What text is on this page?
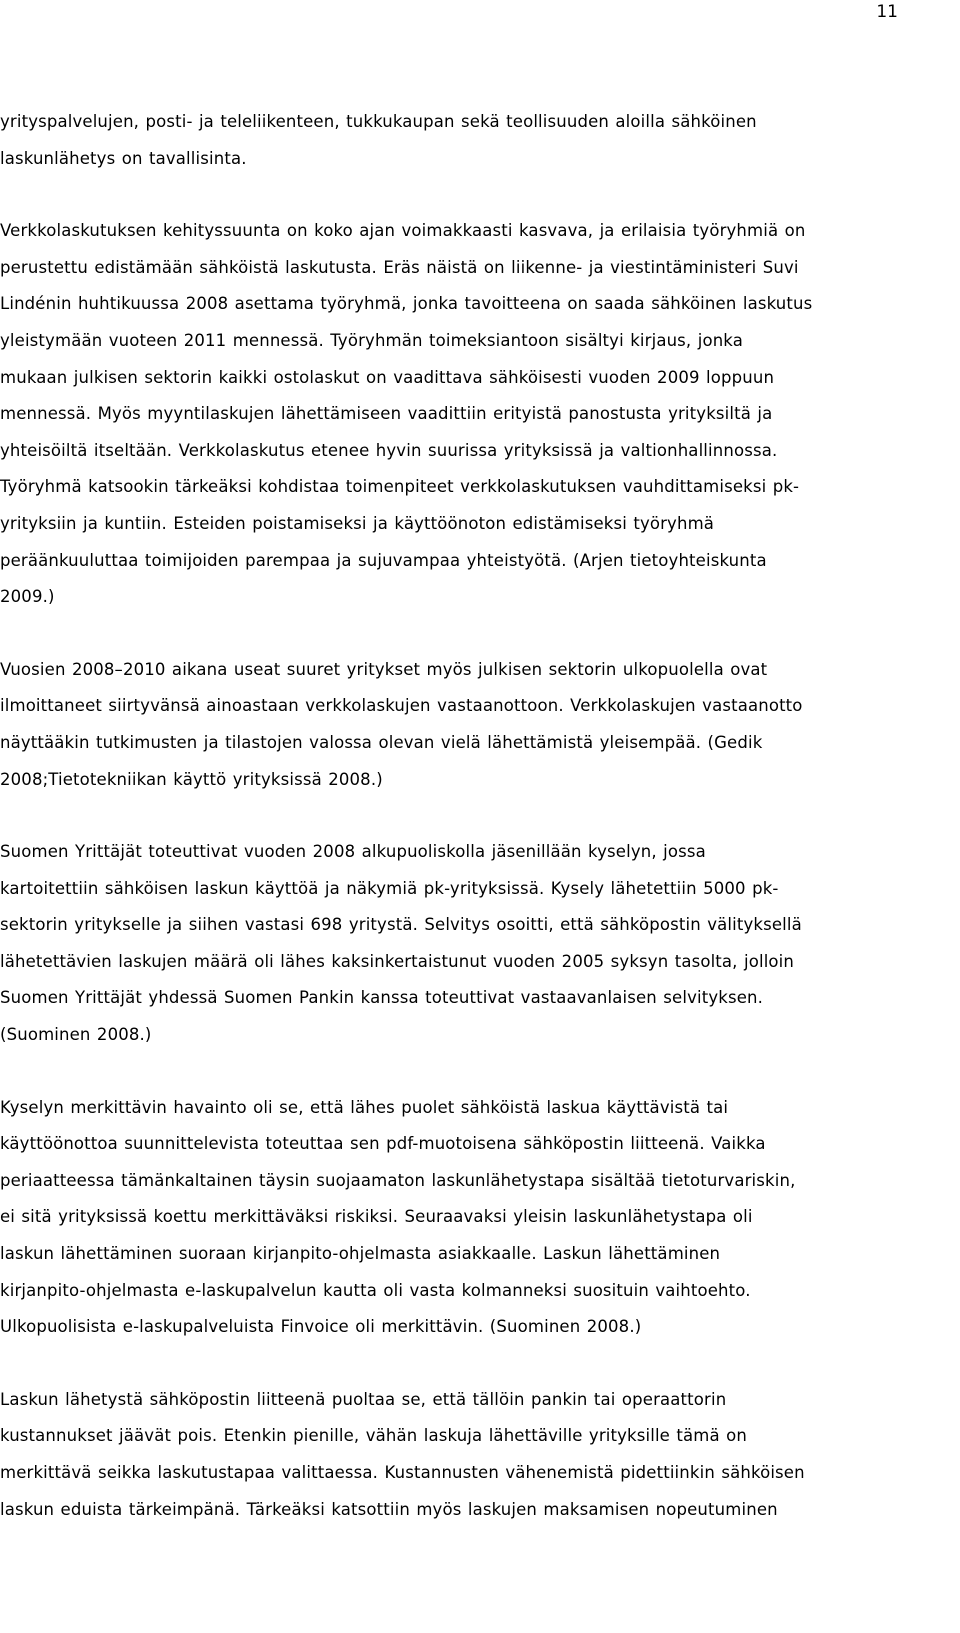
11

yrityspalvelujen, posti- ja teleliikenteen, tukkukaupan sekä teollisuuden aloilla sähköinen
laskunlähetys on tavallisinta.

Verkkolaskutuksen kehityssuunta on koko ajan voimakkaasti kasvava, ja erilaisia työryhmiä on
perustettu edistämään sähköistä laskutusta. Eräs näistä on liikenne- ja viestintäministeri Suvi
Lindénin huhtikuussa 2008 asettama työryhmä, jonka tavoitteena on saada sähköinen laskutus
yleistymään vuoteen 2011 mennessä. Työryhmän toimeksiantoon sisältyi kirjaus, jonka
mukaan julkisen sektorin kaikki ostolaskut on vaadittava sähköisesti vuoden 2009 loppuun
mennessä. Myös myyntilaskujen lähettämiseen vaadittiin erityistä panostusta yrityksiltä ja
yhteisöiltä itseltään. Verkkolaskutus etenee hyvin suurissa yrityksissä ja valtionhallinnossa.
Työryhmä katsookin tärkeäksi kohdistaa toimenpiteet verkkolaskutuksen vauhdittamiseksi pk-
yrityksiin ja kuntiin. Esteiden poistamiseksi ja käyttöönoton edistämiseksi työryhmä
peräänkuuluttaa toimijoiden parempaa ja sujuvampaa yhteistyötä. (Arjen tietoyhteiskunta
2009.)

Vuosien 2008–2010 aikana useat suuret yritykset myös julkisen sektorin ulkopuolella ovat
ilmoittaneet siirtyvänsä ainoastaan verkkolaskujen vastaanottoon. Verkkolaskujen vastaanotto
näyttääkin tutkimusten ja tilastojen valossa olevan vielä lähettämistä yleisempää. (Gedik
2008;Tietotekniikan käyttö yrityksissä 2008.)

Suomen Yrittäjät toteuttivat vuoden 2008 alkupuoliskolla jäsenillään kyselyn, jossa
kartoitettiin sähköisen laskun käyttöä ja näkymiä pk-yrityksissä. Kysely lähetettiin 5000 pk-
sektorin yritykselle ja siihen vastasi 698 yritystä. Selvitys osoitti, että sähköpostin välityksellä
lähetettävien laskujen määrä oli lähes kaksinkertaistunut vuoden 2005 syksyn tasolta, jolloin
Suomen Yrittäjät yhdessä Suomen Pankin kanssa toteuttivat vastaavanlaisen selvityksen.
(Suominen 2008.)

Kyselyn merkittävin havainto oli se, että lähes puolet sähköistä laskua käyttävistä tai
käyttöönottoa suunnittelevista toteuttaa sen pdf-muotoisena sähköpostin liitteenä. Vaikka
periaatteessa tämänkaltainen täysin suojaamaton laskunlähetystapa sisältää tietoturvariskin,
ei sitä yrityksissä koettu merkittäväksi riskiksi. Seuraavaksi yleisin laskunlähetystapa oli
laskun lähettäminen suoraan kirjanpito-ohjelmasta asiakkaalle. Laskun lähettäminen
kirjanpito-ohjelmasta e-laskupalvelun kautta oli vasta kolmanneksi suosituin vaihtoehto.
Ulkopuolisista e-laskupalveluista Finvoice oli merkittävin. (Suominen 2008.)

Laskun lähetystä sähköpostin liitteenä puoltaa se, että tällöin pankin tai operaattorin
kustannukset jäävät pois. Etenkin pienille, vähän laskuja lähettäville yrityksille tämä on
merkittävä seikka laskutustapaa valittaessa. Kustannusten vähenemistä pidettiinkin sähköisen
laskun eduista tärkeimpänä. Tärkeäksi katsottiin myös laskujen maksamisen nopeutuminen
